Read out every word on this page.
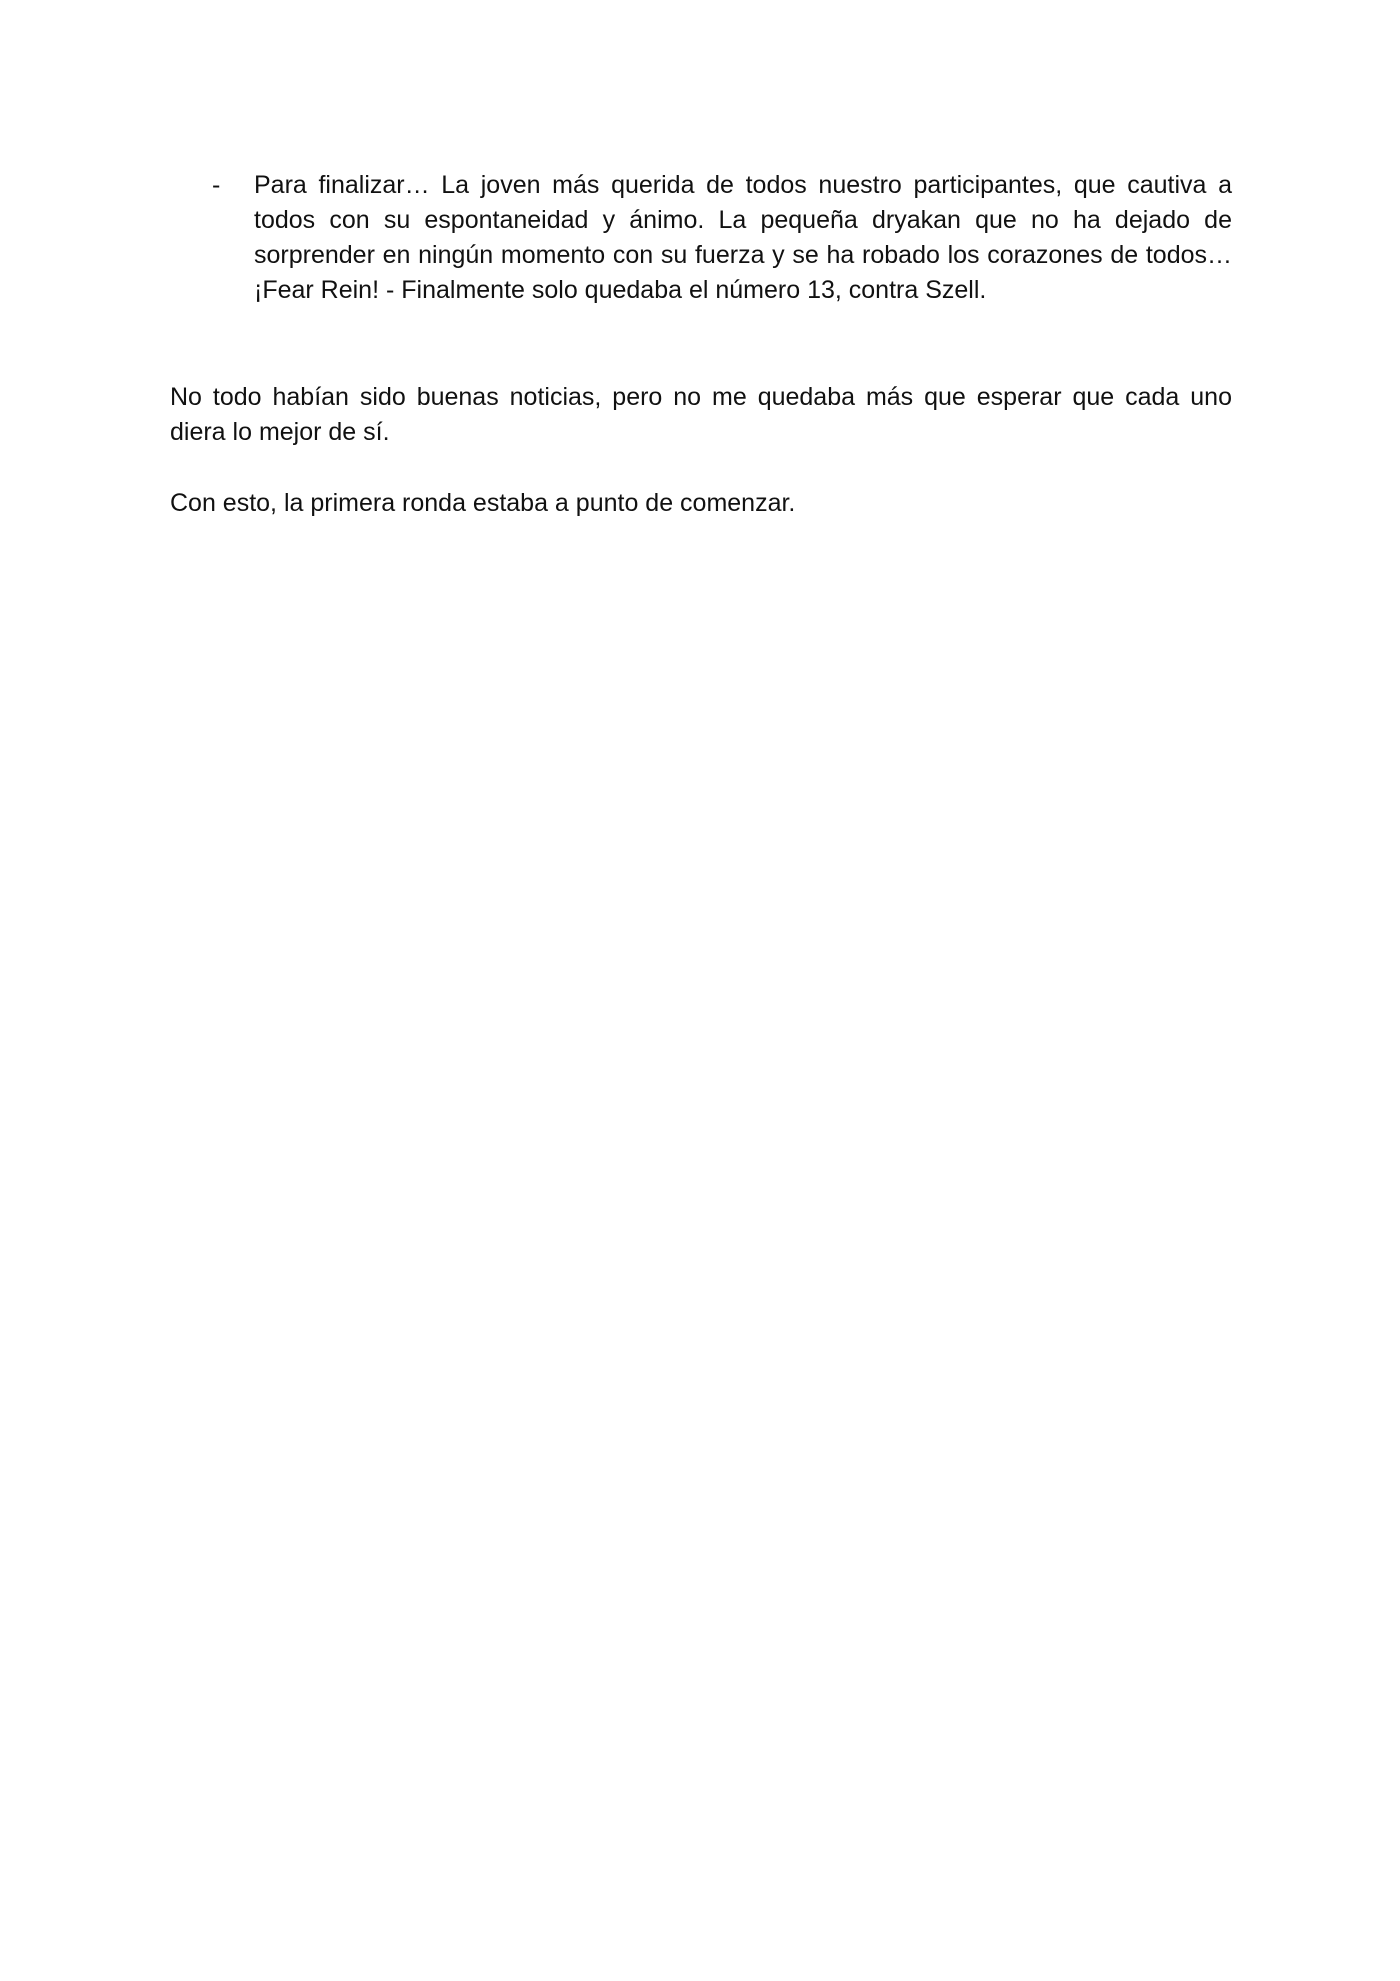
- Para finalizar… La joven más querida de todos nuestro participantes, que cautiva a todos con su espontaneidad y ánimo. La pequeña dryakan que no ha dejado de sorprender en ningún momento con su fuerza y se ha robado los corazones de todos… ¡Fear Rein! - Finalmente solo quedaba el número 13, contra Szell.

No todo habían sido buenas noticias, pero no me quedaba más que esperar que cada uno diera lo mejor de sí.

Con esto, la primera ronda estaba a punto de comenzar.
